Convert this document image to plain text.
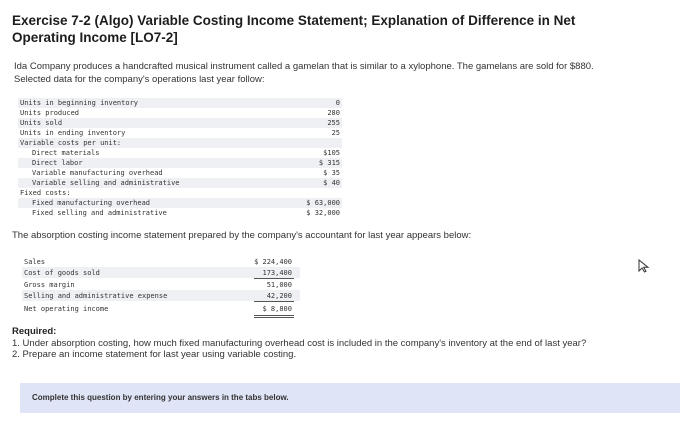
Exercise 7-2 (Algo) Variable Costing Income Statement; Explanation of Difference in Net Operating Income [LO7-2]
Ida Company produces a handcrafted musical instrument called a gamelan that is similar to a xylophone. The gamelans are sold for $880. Selected data for the company's operations last year follow:
Units in beginning inventory	0
Units produced	280
Units sold	255
Units in ending inventory	25
Variable costs per unit:
Direct materials	$105
Direct labor	$ 315
Variable manufacturing overhead	$ 35
Variable selling and administrative	$ 40
Fixed costs:
Fixed manufacturing overhead	$ 63,000
Fixed selling and administrative	$ 32,000
The absorption costing income statement prepared by the company's accountant for last year appears below:
Sales	$ 224,400
Cost of goods sold	173,400
Gross margin	51,000
Selling and administrative expense	42,200
Net operating income	$ 8,800
Required:
1. Under absorption costing, how much fixed manufacturing overhead cost is included in the company's inventory at the end of last year?
2. Prepare an income statement for last year using variable costing.
Complete this question by entering your answers in the tabs below.
